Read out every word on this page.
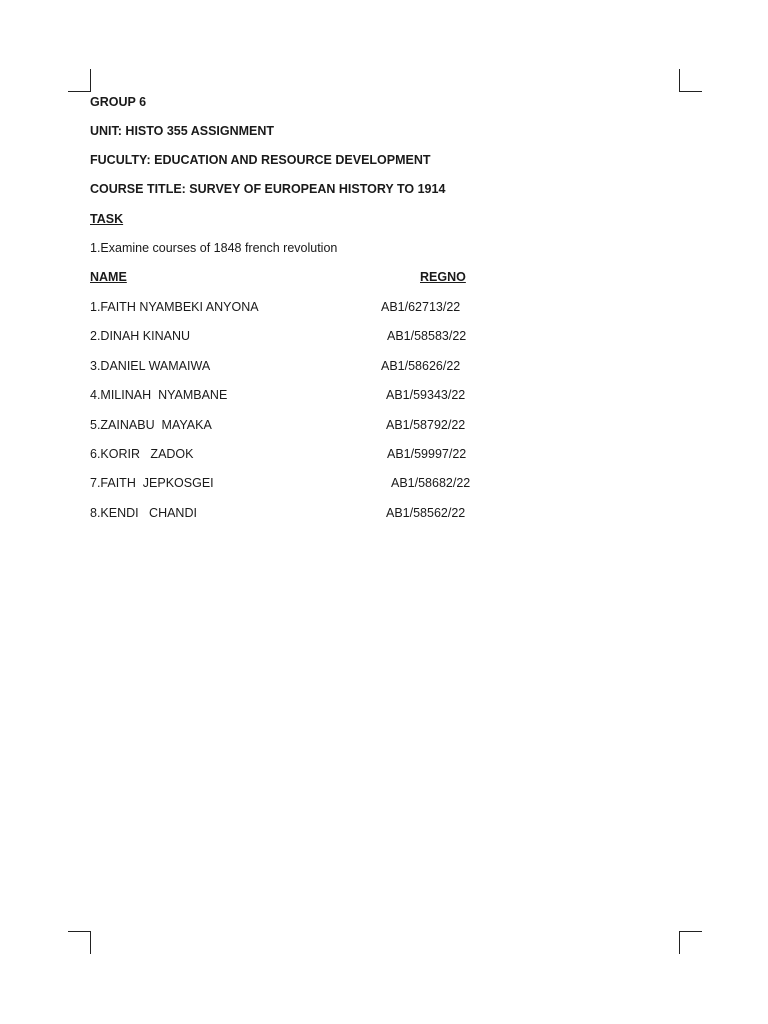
GROUP 6
UNIT: HISTO 355 ASSIGNMENT
FUCULTY: EDUCATION AND RESOURCE DEVELOPMENT
COURSE TITLE: SURVEY OF EUROPEAN HISTORY TO 1914
TASK
1.Examine courses of 1848 french revolution
NAME	REGNO
1.FAITH NYAMBEKI ANYONA	AB1/62713/22
2.DINAH KINANU	AB1/58583/22
3.DANIEL WAMAIWA	AB1/58626/22
4.MILINAH  NYAMBANE	AB1/59343/22
5.ZAINABU  MAYAKA	AB1/58792/22
6.KORIR   ZADOK	AB1/59997/22
7.FAITH  JEPKOSGEI	AB1/58682/22
8.KENDI   CHANDI	AB1/58562/22
